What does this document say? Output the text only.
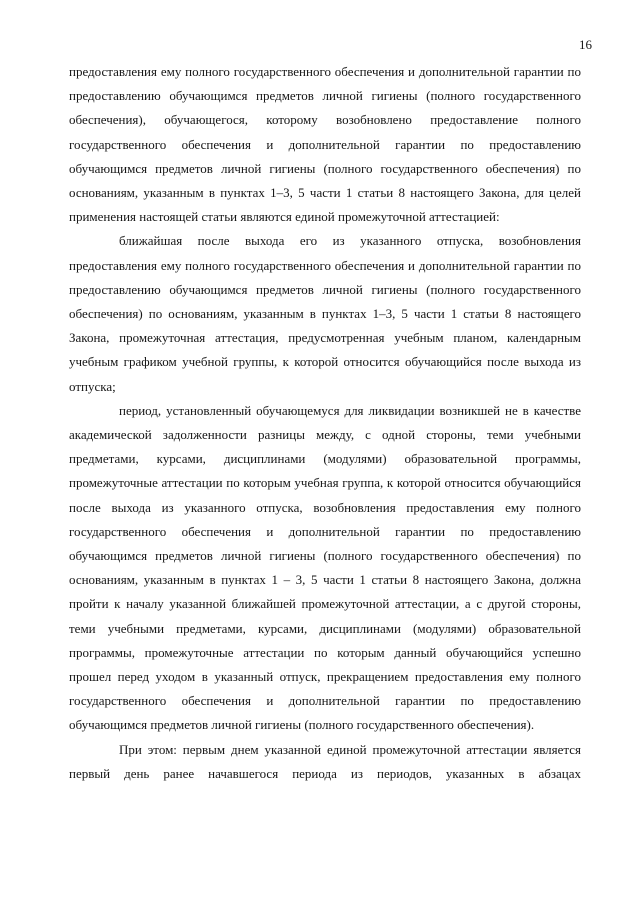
16

предоставления ему полного государственного обеспечения и дополнительной гарантии по предоставлению обучающимся предметов личной гигиены (полного государственного обеспечения), обучающегося, которому возобновлено предоставление полного государственного обеспечения и дополнительной гарантии по предоставлению обучающимся предметов личной гигиены (полного государственного обеспечения) по основаниям, указанным в пунктах 1–3, 5 части 1 статьи 8 настоящего Закона, для целей применения настоящей статьи являются единой промежуточной аттестацией:

ближайшая после выхода его из указанного отпуска, возобновления предоставления ему полного государственного обеспечения и дополнительной гарантии по предоставлению обучающимся предметов личной гигиены (полного государственного обеспечения) по основаниям, указанным в пунктах 1–3, 5 части 1 статьи 8 настоящего Закона, промежуточная аттестация, предусмотренная учебным планом, календарным учебным графиком учебной группы, к которой относится обучающийся после выхода из отпуска;

период, установленный обучающемуся для ликвидации возникшей не в качестве академической задолженности разницы между, с одной стороны, теми учебными предметами, курсами, дисциплинами (модулями) образовательной программы, промежуточные аттестации по которым учебная группа, к которой относится обучающийся после выхода из указанного отпуска, возобновления предоставления ему полного государственного обеспечения и дополнительной гарантии по предоставлению обучающимся предметов личной гигиены (полного государственного обеспечения) по основаниям, указанным в пунктах 1 – 3, 5 части 1 статьи 8 настоящего Закона, должна пройти к началу указанной ближайшей промежуточной аттестации, а с другой стороны, теми учебными предметами, курсами, дисциплинами (модулями) образовательной программы, промежуточные аттестации по которым данный обучающийся успешно прошел перед уходом в указанный отпуск, прекращением предоставления ему полного государственного обеспечения и дополнительной гарантии по предоставлению обучающимся предметов личной гигиены (полного государственного обеспечения).

При этом: первым днем указанной единой промежуточной аттестации является первый день ранее начавшегося периода из периодов, указанных в абзацах
